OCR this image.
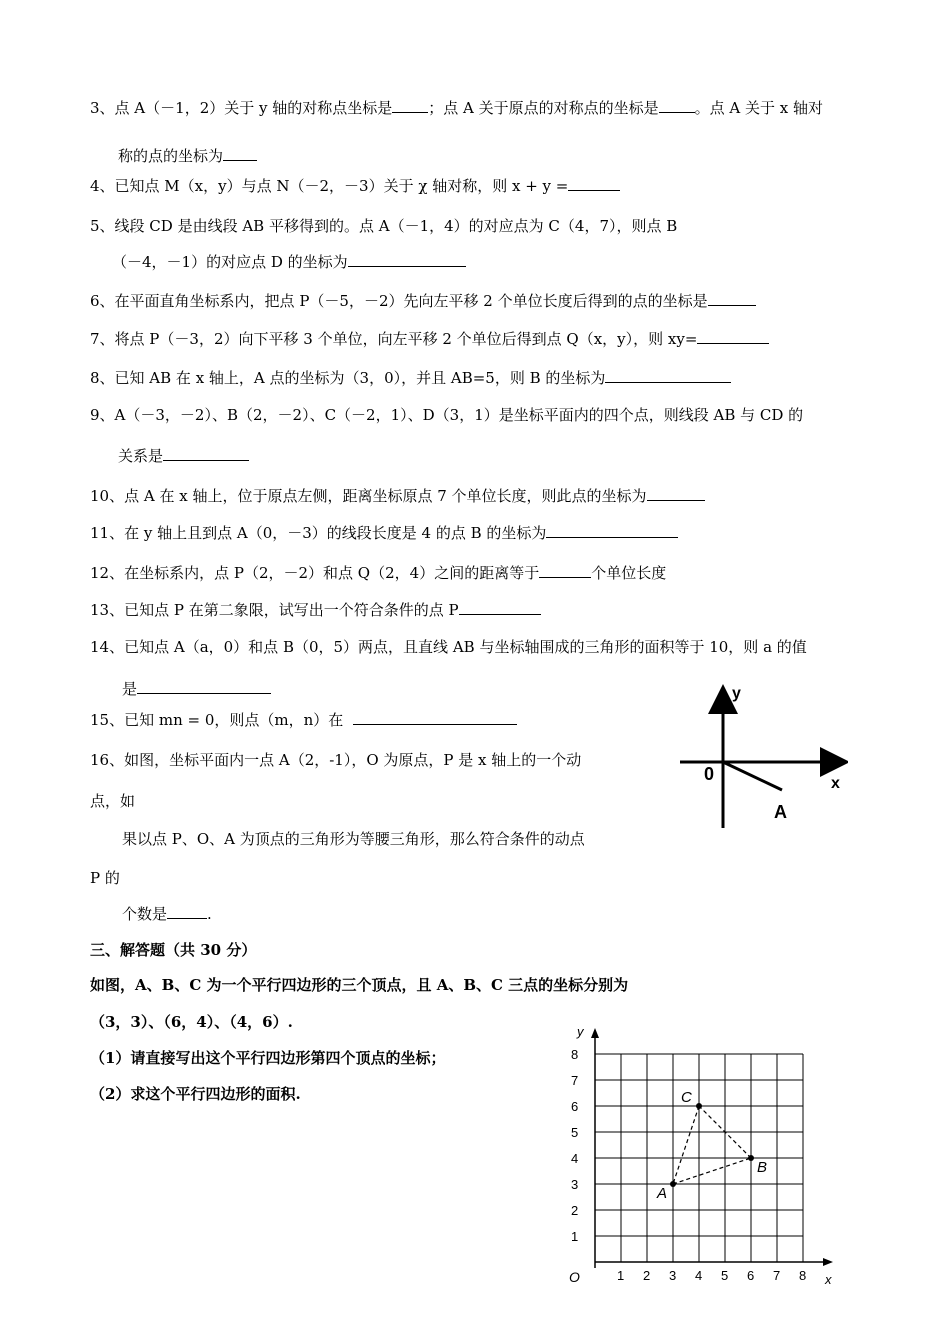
3、点 A（－1，2）关于 y 轴的对称点坐标是 ；点 A 关于原点的对称点的坐标是 。点 A 关于 x 轴对
称的点的坐标为
4、已知点 M（x，y）与点 N（－2，－3）关于 χ 轴对称，则 x + y =
5、线段 CD 是由线段 AB 平移得到的。点 A（－1，4）的对应点为 C（4，7），则点 B
（－4，－1）的对应点 D 的坐标为
6、在平面直角坐标系内，把点 P（－5，－2）先向左平移 2 个单位长度后得到的点的坐标是
7、将点 P（－3，2）向下平移 3 个单位，向左平移 2 个单位后得到点 Q（x，y），则 xy=
8、已知 AB 在 x 轴上，A 点的坐标为（3，0），并且 AB=5，则 B 的坐标为
9、A（－3，－2）、B（2，－2）、C（－2，1）、D（3，1）是坐标平面内的四个点，则线段 AB 与 CD 的
关系是
10、点 A 在 x 轴上，位于原点左侧，距离坐标原点 7 个单位长度，则此点的坐标为
11、在 y 轴上且到点 A（0，－3）的线段长度是 4 的点 B 的坐标为
12、在坐标系内，点 P（2，－2）和点 Q（2，4）之间的距离等于	个单位长度
13、已知点 P 在第二象限，试写出一个符合条件的点 P
14、已知点 A（a，0）和点 B（0，5）两点，且直线 AB 与坐标轴围成的三角形的面积等于 10，则 a 的值
是
15、已知 mn = 0，则点（m，n）在
16、如图，坐标平面内一点 A（2，-1），O 为原点，P 是 x 轴上的一个动
点，如
果以点 P、O、A 为顶点的三角形为等腰三角形，那么符合条件的动点
P 的
个数是	.
y
x
0
A
三、解答题（共 30 分）
如图，A、B、C 为一个平行四边形的三个顶点，且 A、B、C 三点的坐标分别为
（3，3）、（6，4）、（4，6）.
（1）请直接写出这个平行四边形第四个顶点的坐标；
（2）求这个平行四边形的面积.
1 2 3 4 5 6 7 8
1
2
3
4
5
6
7
8
O	x
y
A
B
C
